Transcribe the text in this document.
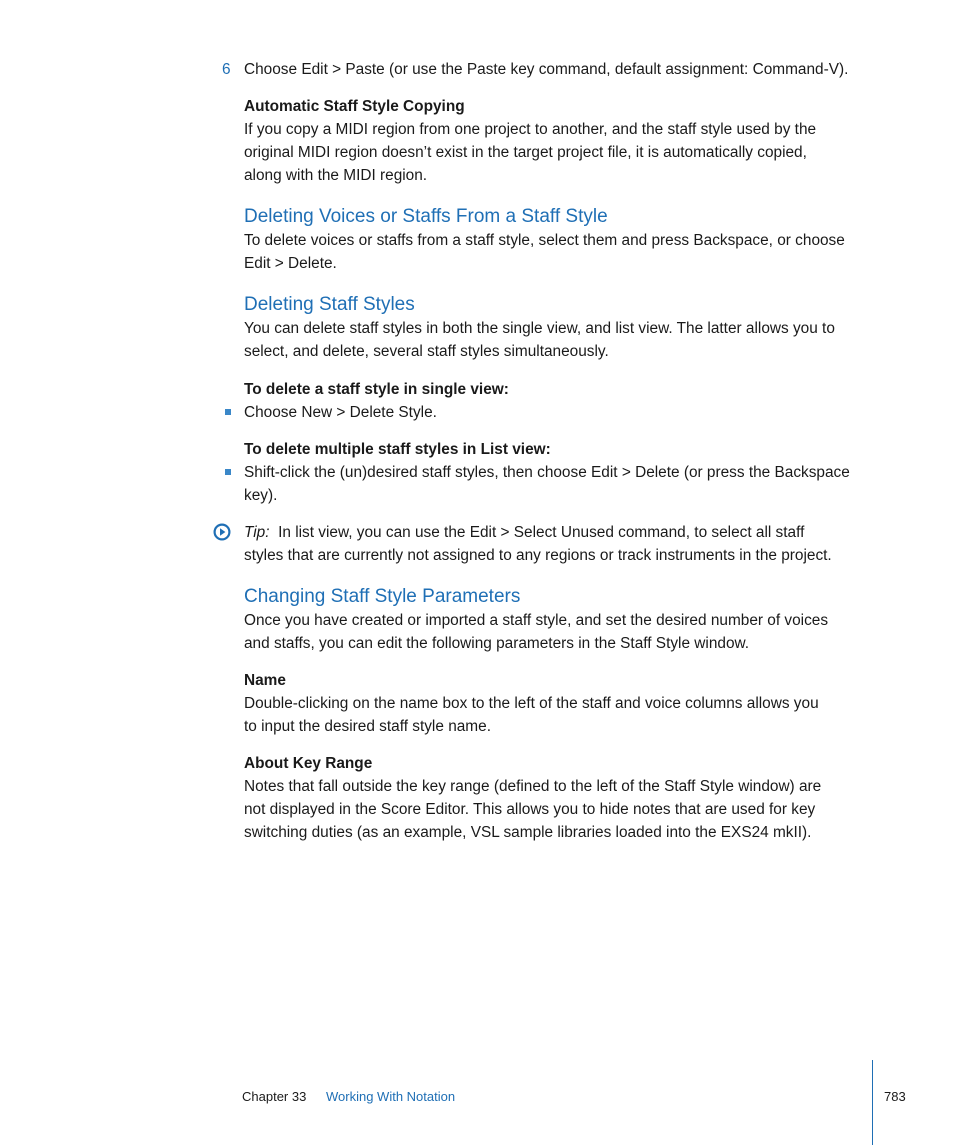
6 Choose Edit > Paste (or use the Paste key command, default assignment: Command-V).

Automatic Staff Style Copying

If you copy a MIDI region from one project to another, and the staff style used by the

original MIDI region doesn’t exist in the target project file, it is automatically copied,

along with the MIDI region.

Deleting Voices or Staffs From a Staff Style

To delete voices or staffs from a staff style, select them and press Backspace, or choose

Edit > Delete.

Deleting Staff Styles

You can delete staff styles in both the single view, and list view. The latter allows you to

select, and delete, several staff styles simultaneously.

To delete a staff style in single view:

Choose New > Delete Style.

To delete multiple staff styles in List view:

Shift-click the (un)desired staff styles, then choose Edit > Delete (or press the Backspace

key).

Tip: In list view, you can use the Edit > Select Unused command, to select all staff

styles that are currently not assigned to any regions or track instruments in the project.

Changing Staff Style Parameters

Once you have created or imported a staff style, and set the desired number of voices

and staffs, you can edit the following parameters in the Staff Style window.

Name

Double-clicking on the name box to the left of the staff and voice columns allows you

to input the desired staff style name.

About Key Range

Notes that fall outside the key range (defined to the left of the Staff Style window) are

not displayed in the Score Editor. This allows you to hide notes that are used for key

switching duties (as an example, VSL sample libraries loaded into the EXS24 mkII).

Chapter 33 Working With Notation	783
